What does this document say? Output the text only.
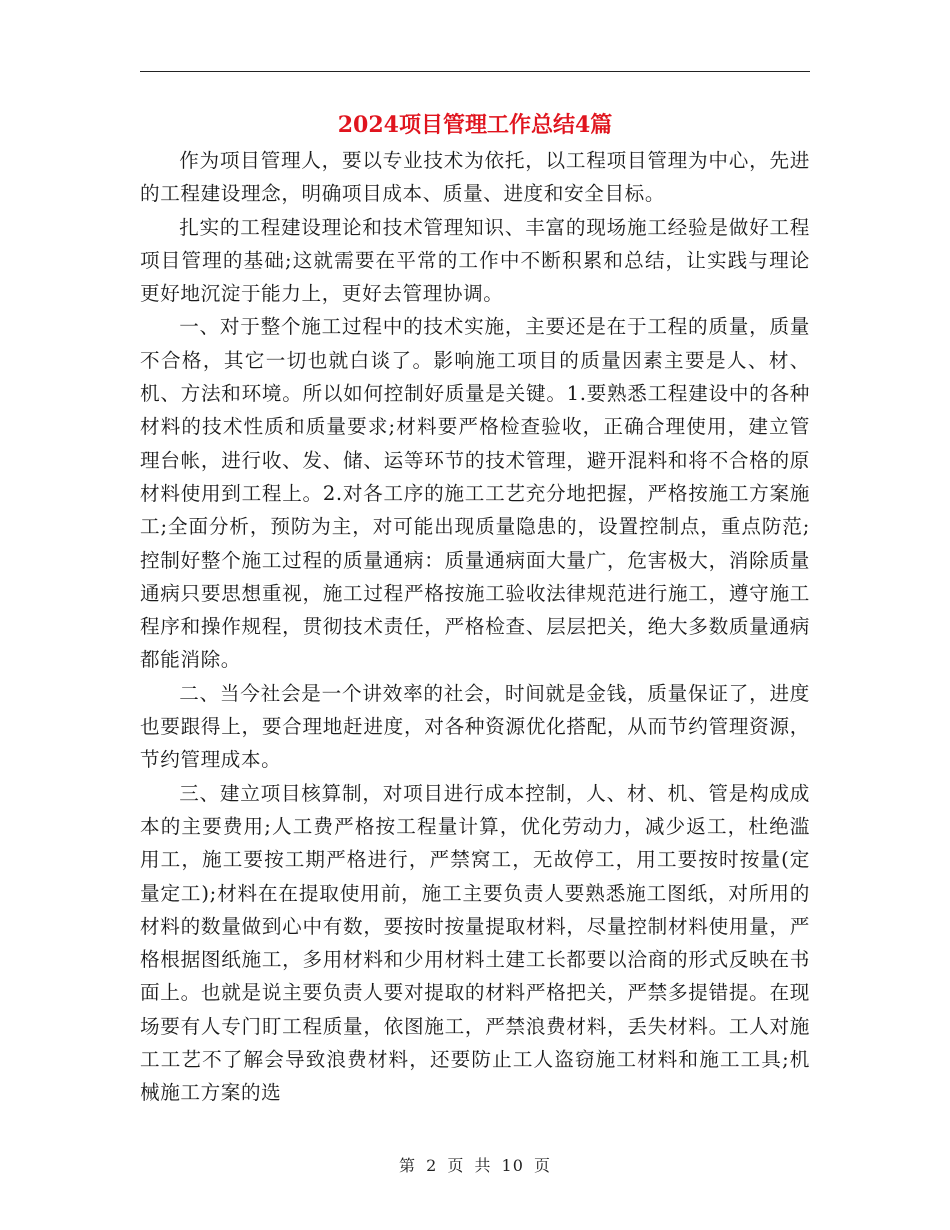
2024项目管理工作总结4篇

作为项目管理人，要以专业技术为依托，以工程项目管理为中心，先进的工程建设理念，明确项目成本、质量、进度和安全目标。

扎实的工程建设理论和技术管理知识、丰富的现场施工经验是做好工程项目管理的基础;这就需要在平常的工作中不断积累和总结，让实践与理论更好地沉淀于能力上，更好去管理协调。

一、对于整个施工过程中的技术实施，主要还是在于工程的质量，质量不合格，其它一切也就白谈了。影响施工项目的质量因素主要是人、材、机、方法和环境。所以如何控制好质量是关键。1.要熟悉工程建设中的各种材料的技术性质和质量要求;材料要严格检查验收，正确合理使用，建立管理台帐，进行收、发、储、运等环节的技术管理，避开混料和将不合格的原材料使用到工程上。2.对各工序的施工工艺充分地把握，严格按施工方案施工;全面分析，预防为主，对可能出现质量隐患的，设置控制点，重点防范;控制好整个施工过程的质量通病：质量通病面大量广，危害极大，消除质量通病只要思想重视，施工过程严格按施工验收法律规范进行施工，遵守施工程序和操作规程，贯彻技术责任，严格检查、层层把关，绝大多数质量通病都能消除。

二、当今社会是一个讲效率的社会，时间就是金钱，质量保证了，进度也要跟得上，要合理地赶进度，对各种资源优化搭配，从而节约管理资源，节约管理成本。

三、建立项目核算制，对项目进行成本控制，人、材、机、管是构成成本的主要费用;人工费严格按工程量计算，优化劳动力，减少返工，杜绝滥用工，施工要按工期严格进行，严禁窝工，无故停工，用工要按时按量(定量定工);材料在在提取使用前，施工主要负责人要熟悉施工图纸，对所用的材料的数量做到心中有数，要按时按量提取材料，尽量控制材料使用量，严格根据图纸施工，多用材料和少用材料土建工长都要以洽商的形式反映在书面上。也就是说主要负责人要对提取的材料严格把关，严禁多提错提。在现场要有人专门盯工程质量，依图施工，严禁浪费材料，丢失材料。工人对施工工艺不了解会导致浪费材料，还要防止工人盗窃施工材料和施工工具;机械施工方案的选

第 2 页 共 10 页
